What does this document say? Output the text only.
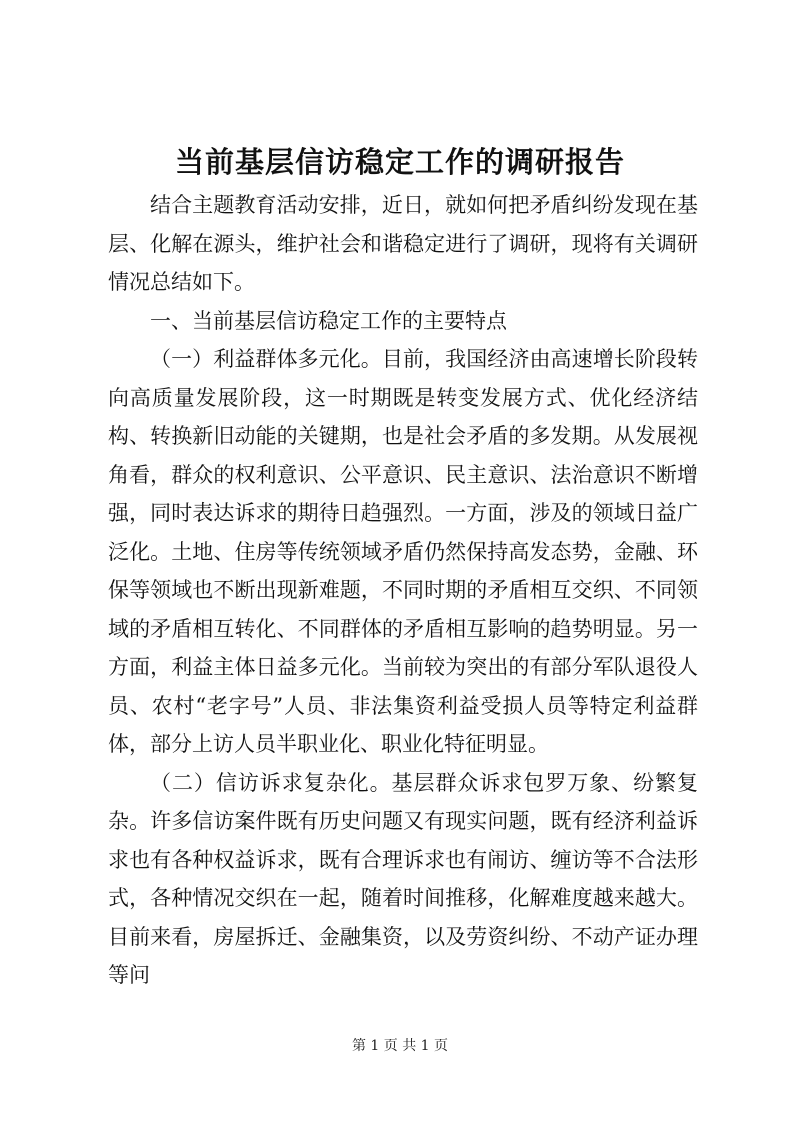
当前基层信访稳定工作的调研报告

结合主题教育活动安排，近日，就如何把矛盾纠纷发现在基层、化解在源头，维护社会和谐稳定进行了调研，现将有关调研情况总结如下。

一、当前基层信访稳定工作的主要特点

（一）利益群体多元化。目前，我国经济由高速增长阶段转向高质量发展阶段，这一时期既是转变发展方式、优化经济结构、转换新旧动能的关键期，也是社会矛盾的多发期。从发展视角看，群众的权利意识、公平意识、民主意识、法治意识不断增强，同时表达诉求的期待日趋强烈。一方面，涉及的领域日益广泛化。土地、住房等传统领域矛盾仍然保持高发态势，金融、环保等领域也不断出现新难题，不同时期的矛盾相互交织、不同领域的矛盾相互转化、不同群体的矛盾相互影响的趋势明显。另一方面，利益主体日益多元化。当前较为突出的有部分军队退役人员、农村“老字号”人员、非法集资利益受损人员等特定利益群体，部分上访人员半职业化、职业化特征明显。

（二）信访诉求复杂化。基层群众诉求包罗万象、纷繁复杂。许多信访案件既有历史问题又有现实问题，既有经济利益诉求也有各种权益诉求，既有合理诉求也有闹访、缠访等不合法形式，各种情况交织在一起，随着时间推移，化解难度越来越大。目前来看，房屋拆迁、金融集资，以及劳资纠纷、不动产证办理等问

第 1 页 共 1 页
